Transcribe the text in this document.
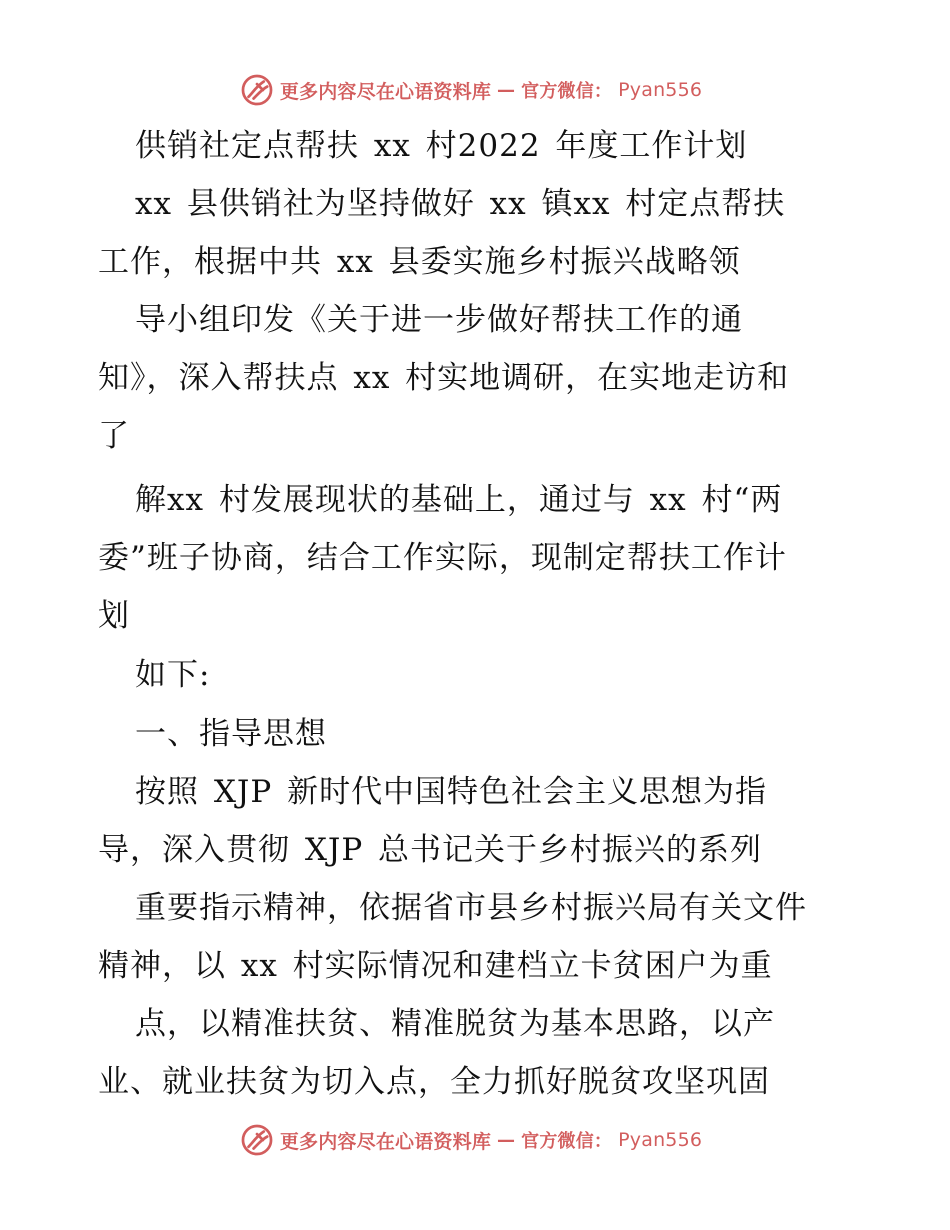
更多内容尽在心语资料库 — 官方微信： Pyan556
供销社定点帮扶 xx 村2022 年度工作计划
xx 县供销社为坚持做好 xx 镇xx 村定点帮扶
工作，根据中共 xx 县委实施乡村振兴战略领
导小组印发《关于进一步做好帮扶工作的通
知》，深入帮扶点 xx 村实地调研，在实地走访和
了
解xx 村发展现状的基础上，通过与 xx 村“两
委”班子协商，结合工作实际，现制定帮扶工作计
划
如下:
一、指导思想
按照 XJP 新时代中国特色社会主义思想为指
导，深入贯彻 XJP 总书记关于乡村振兴的系列
重要指示精神，依据省市县乡村振兴局有关文件
精神，以 xx 村实际情况和建档立卡贫困户为重
点，以精准扶贫、精准脱贫为基本思路，以产
业、就业扶贫为切入点，全力抓好脱贫攻坚巩固
更多内容尽在心语资料库 — 官方微信： Pyan556
